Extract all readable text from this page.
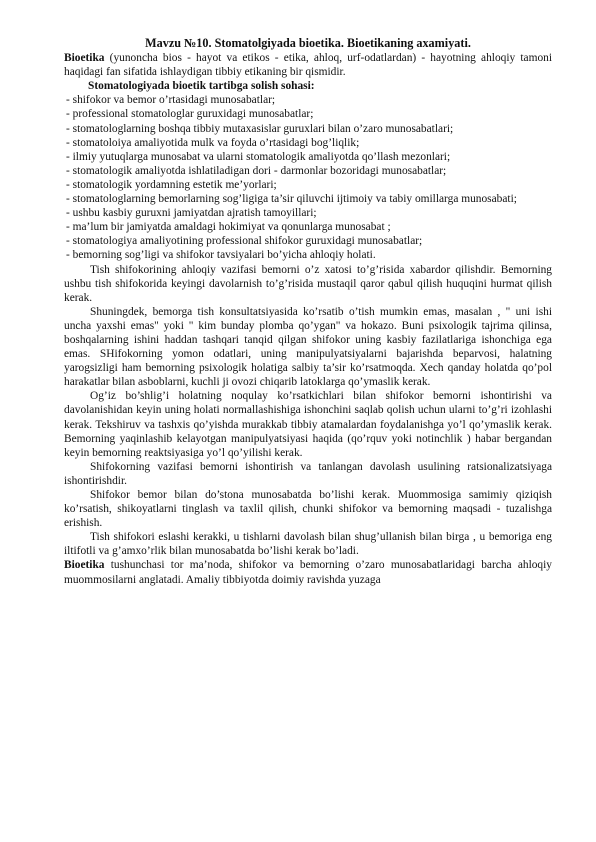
Mavzu №10. Stomatolgiyada bioetika. Bioetikaning axamiyati.

Bioetika (yunoncha bios - hayot va etikos - etika, ahloq, urf-odatlardan) - hayotning ahloqiy tamoni haqidagi fan sifatida ishlaydigan tibbiy etikaning bir qismidir.

Stomatologiyada bioetik tartibga solish sohasi:

- shifokor va bemor o’rtasidagi munosabatlar;

- professional stomatologlar guruxidagi munosabatlar;

- stomatologlarning boshqa tibbiy mutaxasislar guruxlari bilan o’zaro munosabatlari;

- stomatoloiya amaliyotida mulk va foyda o’rtasidagi bog’liqlik;

- ilmiy yutuqlarga munosabat va ularni stomatologik amaliyotda qo’llash mezonlari;

- stomatologik amaliyotda ishlatiladigan dori - darmonlar bozoridagi munosabatlar;

- stomatologik yordamning estetik me’yorlari;

- stomatologlarning bemorlarning sog’ligiga ta’sir qiluvchi ijtimoiy va tabiy omillarga munosabati;

- ushbu kasbiy guruxni jamiyatdan ajratish tamoyillari;

- ma’lum bir jamiyatda amaldagi hokimiyat va qonunlarga munosabat ;

- stomatologiya amaliyotining professional shifokor guruxidagi munosabatlar;

- bemorning sog’ligi va shifokor tavsiyalari bo’yicha ahloqiy holati.

Tish shifokorining ahloqiy vazifasi bemorni o’z xatosi to’g’risida xabardor qilishdir. Bemorning ushbu tish shifokorida keyingi davolarnish to’g’risida mustaqil qaror qabul qilish huquqini hurmat qilish kerak.

Shuningdek, bemorga tish konsultatsiyasida ko’rsatib o’tish mumkin emas, masalan , " uni ishi uncha yaxshi emas" yoki " kim bunday plomba qo’ygan" va hokazo. Buni psixologik tajrima qilinsa, boshqalarning ishini haddan tashqari tanqid qilgan shifokor uning kasbiy fazilatlariga ishonchiga ega emas. SHifokorning yomon odatlari, uning manipulyatsiyalarni bajarishda beparvosi, halatning yarogsizligi ham bemorning psixologik holatiga salbiy ta’sir ko’rsatmoqda. Xech qanday holatda qo’pol harakatlar bilan asboblarni, kuchli ji ovozi chiqarib latoklarga qo’ymaslik kerak.

Og’iz bo’shlig’i holatning noqulay ko’rsatkichlari bilan shifokor bemorni ishontirishi va davolanishidan keyin uning holati normallashishiga ishonchini saqlab qolish uchun ularni to’g’ri izohlashi kerak. Tekshiruv va tashxis qo’yishda murakkab tibbiy atamalardan foydalanishga yo’l qo’ymaslik kerak. Bemorning yaqinlashib kelayotgan manipulyatsiyasi haqida (qo’rquv yoki notinchlik ) habar bergandan keyin bemorning reaktsiyasiga yo’l qo’yilishi kerak.

Shifokorning vazifasi bemorni ishontirish va tanlangan davolash usulining ratsionalizatsiyaga ishontirishdir.

Shifokor bemor bilan do’stona munosabatda bo’lishi kerak. Muommosiga samimiy qiziqish ko’rsatish, shikoyatlarni tinglash va taxlil qilish, chunki shifokor va bemorning maqsadi - tuzalishga erishish.

Tish shifokori eslashi kerakki, u tishlarni davolash bilan shug’ullanish bilan birga , u bemoriga eng iltifotli va g’amxo’rlik bilan munosabatda bo’lishi kerak bo’ladi.

Bioetika tushunchasi tor ma’noda, shifokor va bemorning o’zaro munosabatlaridagi barcha ahloqiy muommosilarni anglatadi. Amaliy tibbiyotda doimiy ravishda yuzaga
